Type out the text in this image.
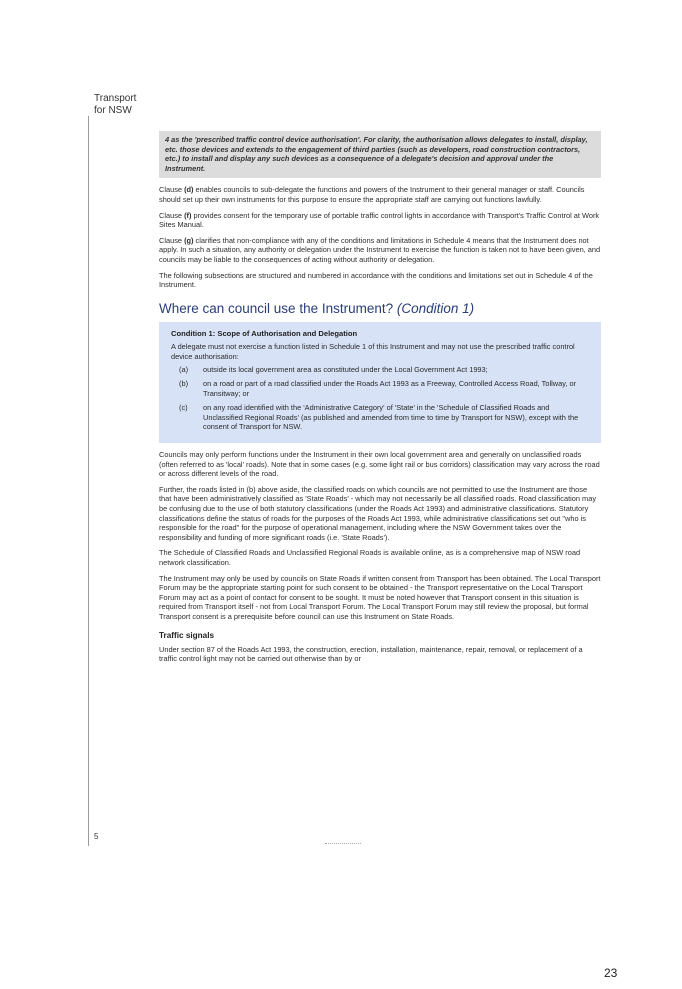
Transport
for NSW

4 as the 'prescribed traffic control device authorisation'. For clarity, the authorisation allows delegates to install, display, etc. those devices and extends to the engagement of third parties (such as developers, road construction contractors, etc.) to install and display any such devices as a consequence of a delegate's decision and approval under the Instrument.

Clause (d) enables councils to sub-delegate the functions and powers of the Instrument to their general manager or staff. Councils should set up their own instruments for this purpose to ensure the appropriate staff are carrying out functions lawfully.

Clause (f) provides consent for the temporary use of portable traffic control lights in accordance with Transport's Traffic Control at Work Sites Manual.

Clause (g) clarifies that non-compliance with any of the conditions and limitations in Schedule 4 means that the Instrument does not apply. In such a situation, any authority or delegation under the Instrument to exercise the function is taken not to have been given, and councils may be liable to the consequences of acting without authority or delegation.

The following subsections are structured and numbered in accordance with the conditions and limitations set out in Schedule 4 of the Instrument.

Where can council use the Instrument? (Condition 1)
Condition 1: Scope of Authorisation and Delegation
A delegate must not exercise a function listed in Schedule 1 of this Instrument and may not use the prescribed traffic control device authorisation:
(a)	outside its local government area as constituted under the Local Government Act 1993;
(b)	on a road or part of a road classified under the Roads Act 1993 as a Freeway, Controlled Access Road, Tollway, or Transitway; or
(c)	on any road identified with the 'Administrative Category' of 'State' in the 'Schedule of Classified Roads and Unclassified Regional Roads' (as published and amended from time to time by Transport for NSW), except with the consent of Transport for NSW.

Councils may only perform functions under the Instrument in their own local government area and generally on unclassified roads (often referred to as 'local' roads). Note that in some cases (e.g. some light rail or bus corridors) classification may vary across the road or across different levels of the road.

Further, the roads listed in (b) above aside, the classified roads on which councils are not permitted to use the Instrument are those that have been administratively classified as 'State Roads' - which may not necessarily be all classified roads. Road classification may be confusing due to the use of both statutory classifications (under the Roads Act 1993) and administrative classifications. Statutory classifications define the status of roads for the purposes of the Roads Act 1993, while administrative classifications set out "who is responsible for the road" for the purpose of operational management, including where the NSW Government takes over the responsibility and funding of more significant roads (i.e. 'State Roads').

The Schedule of Classified Roads and Unclassified Regional Roads is available online, as is a comprehensive map of NSW road network classification.

The Instrument may only be used by councils on State Roads if written consent from Transport has been obtained. The Local Transport Forum may be the appropriate starting point for such consent to be obtained - the Transport representative on the Local Transport Forum may act as a point of contact for consent to be sought. It must be noted however that Transport consent in this situation is required from Transport itself - not from Local Transport Forum. The Local Transport Forum may still review the proposal, but formal Transport consent is a prerequisite before council can use this Instrument on State Roads.

Traffic signals

Under section 87 of the Roads Act 1993, the construction, erection, installation, maintenance, repair, removal, or replacement of a traffic control light may not be carried out otherwise than by or

5
23
